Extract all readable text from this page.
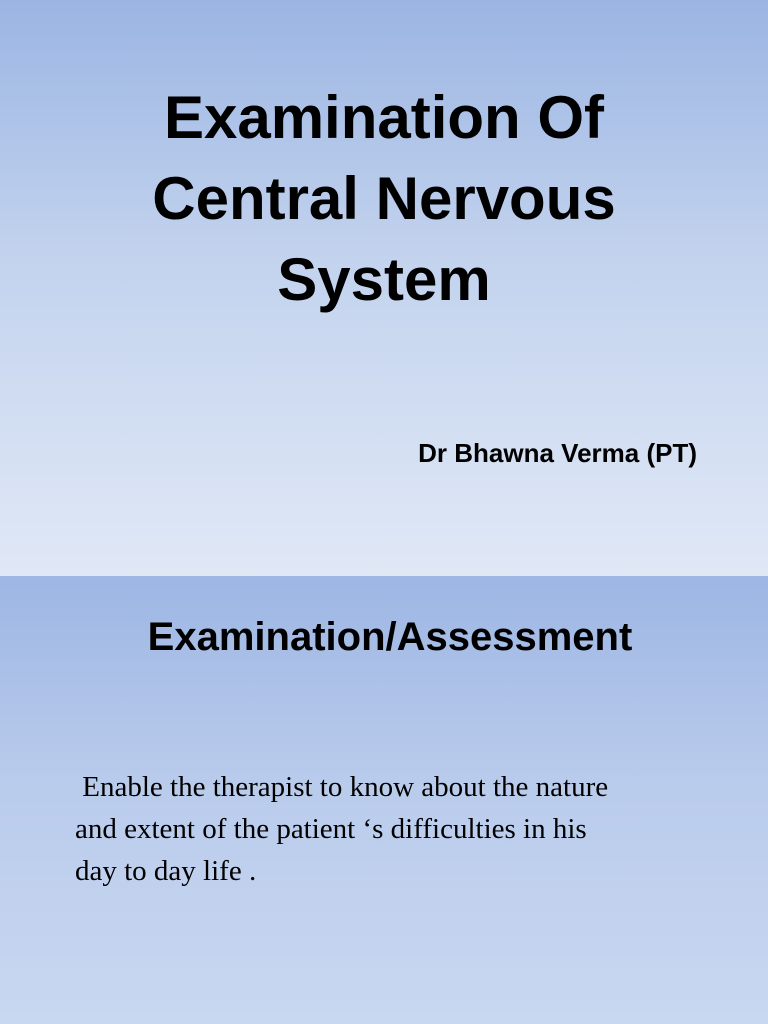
Examination Of
Central Nervous
System

Dr Bhawna Verma (PT)

Examination/Assessment

Enable the therapist to know about the nature
and extent of the patient ‘s difficulties in his
day to day life .
